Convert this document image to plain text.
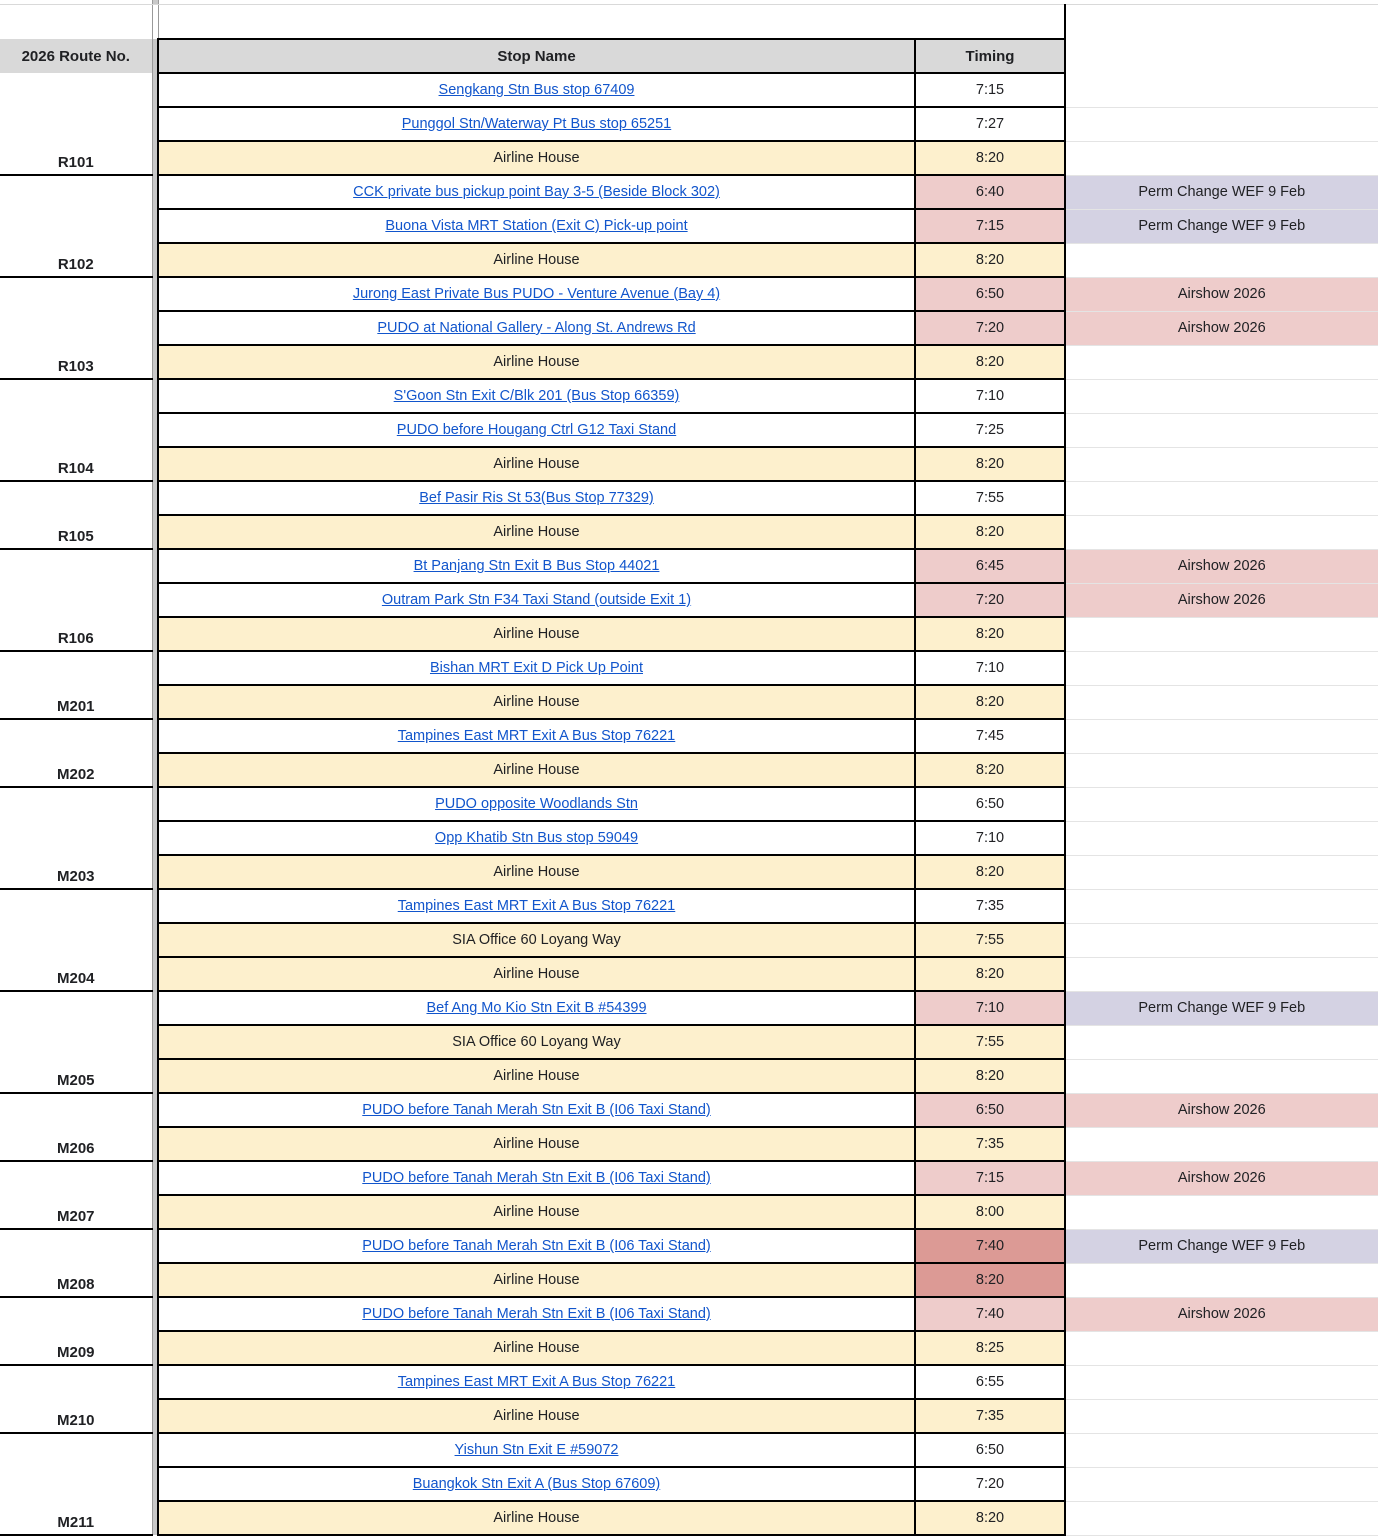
2026 Route No.		Stop Name	Timing	
R101		Sengkang Stn Bus stop 67409	7:15	
		Punggol Stn/Waterway Pt Bus stop 65251	7:27	
		Airline House	8:20	
R102		CCK private bus pickup point Bay 3-5 (Beside Block 302)	6:40	Perm Change WEF 9 Feb
		Buona Vista MRT Station (Exit C) Pick-up point	7:15	Perm Change WEF 9 Feb
		Airline House	8:20	
R103		Jurong East Private Bus PUDO - Venture Avenue (Bay 4)	6:50	Airshow 2026
		PUDO at National Gallery - Along St. Andrews Rd	7:20	Airshow 2026
		Airline House	8:20	
R104		S'Goon Stn Exit C/Blk 201 (Bus Stop 66359)	7:10	
		PUDO before Hougang Ctrl G12 Taxi Stand	7:25	
		Airline House	8:20	
R105		Bef Pasir Ris St 53(Bus Stop 77329)	7:55	
		Airline House	8:20	
R106		Bt Panjang Stn Exit B Bus Stop 44021	6:45	Airshow 2026
		Outram Park Stn F34 Taxi Stand (outside Exit 1)	7:20	Airshow 2026
		Airline House	8:20	
M201		Bishan MRT Exit D Pick Up Point	7:10	
		Airline House	8:20	
M202		Tampines East MRT Exit A Bus Stop 76221	7:45	
		Airline House	8:20	
M203		PUDO opposite Woodlands Stn	6:50	
		Opp Khatib Stn Bus stop 59049	7:10	
		Airline House	8:20	
M204		Tampines East MRT Exit A Bus Stop 76221	7:35	
		SIA Office 60 Loyang Way	7:55	
		Airline House	8:20	
M205		Bef Ang Mo Kio Stn Exit B #54399	7:10	Perm Change WEF 9 Feb
		SIA Office 60 Loyang Way	7:55	
		Airline House	8:20	
M206		PUDO before Tanah Merah Stn Exit B (I06 Taxi Stand)	6:50	Airshow 2026
		Airline House	7:35	
M207		PUDO before Tanah Merah Stn Exit B (I06 Taxi Stand)	7:15	Airshow 2026
		Airline House	8:00	
M208		PUDO before Tanah Merah Stn Exit B (I06 Taxi Stand)	7:40	Perm Change WEF 9 Feb
		Airline House	8:20	
M209		PUDO before Tanah Merah Stn Exit B (I06 Taxi Stand)	7:40	Airshow 2026
		Airline House	8:25	
M210		Tampines East MRT Exit A Bus Stop 76221	6:55	
		Airline House	7:35	
M211		Yishun Stn Exit E #59072	6:50	
		Buangkok Stn Exit A (Bus Stop 67609)	7:20	
		Airline House	8:20	
